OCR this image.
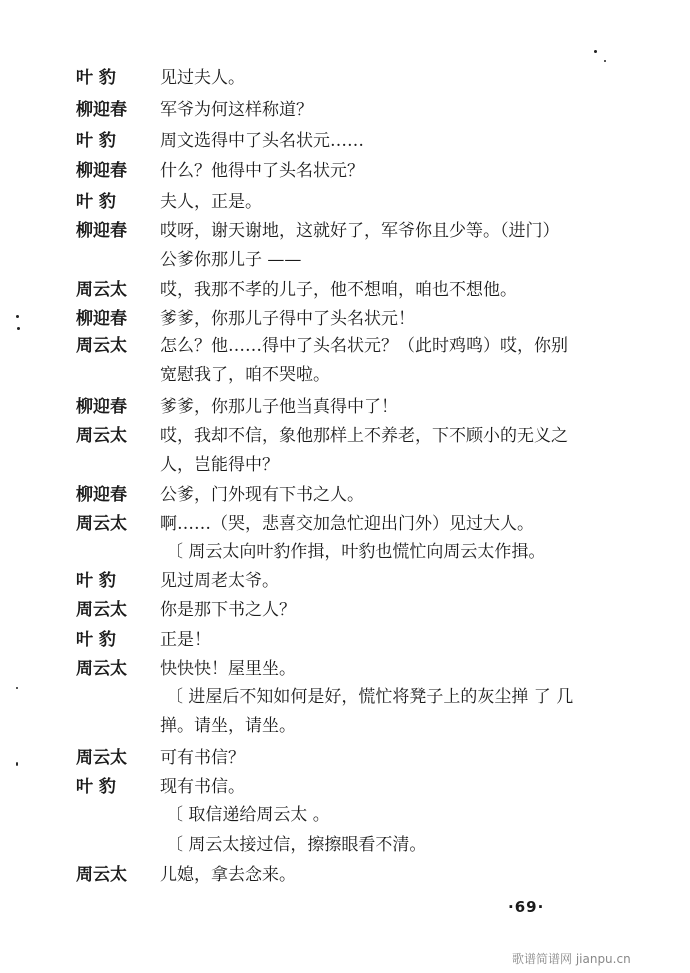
叶 豹	见过夫人。
柳迎春	军爷为何这样称道？
叶 豹	周文选得中了头名状元……
柳迎春	什么？他得中了头名状元？
叶 豹	夫人，正是。
柳迎春	哎呀，谢天谢地，这就好了，军爷你且少等。（进门）
公爹你那儿子 ——
周云太	哎，我那不孝的儿子，他不想咱，咱也不想他。
柳迎春	爹爹，你那儿子得中了头名状元！
周云太	怎么？他……得中了头名状元？（此时鸡鸣）哎，你别
宽慰我了，咱不哭啦。
柳迎春	爹爹，你那儿子他当真得中了！
周云太	哎，我却不信，象他那样上不养老，下不顾小的无义之
人，岂能得中？
柳迎春	公爹，门外现有下书之人。
周云太	啊……（哭，悲喜交加急忙迎出门外）见过大人。
〔 周云太向叶豹作揖，叶豹也慌忙向周云太作揖。
叶 豹	见过周老太爷。
周云太	你是那下书之人？
叶 豹	正是！
周云太	快快快！屋里坐。
〔 进屋后不知如何是好，慌忙将凳子上的灰尘掸 了 几
掸。请坐，请坐。
周云太	可有书信？
叶 豹	现有书信。
〔 取信递给周云太 。
〔 周云太接过信，擦擦眼看不清。
周云太	儿媳，拿去念来。
·69·
歌谱简谱网 jianpu.cn
